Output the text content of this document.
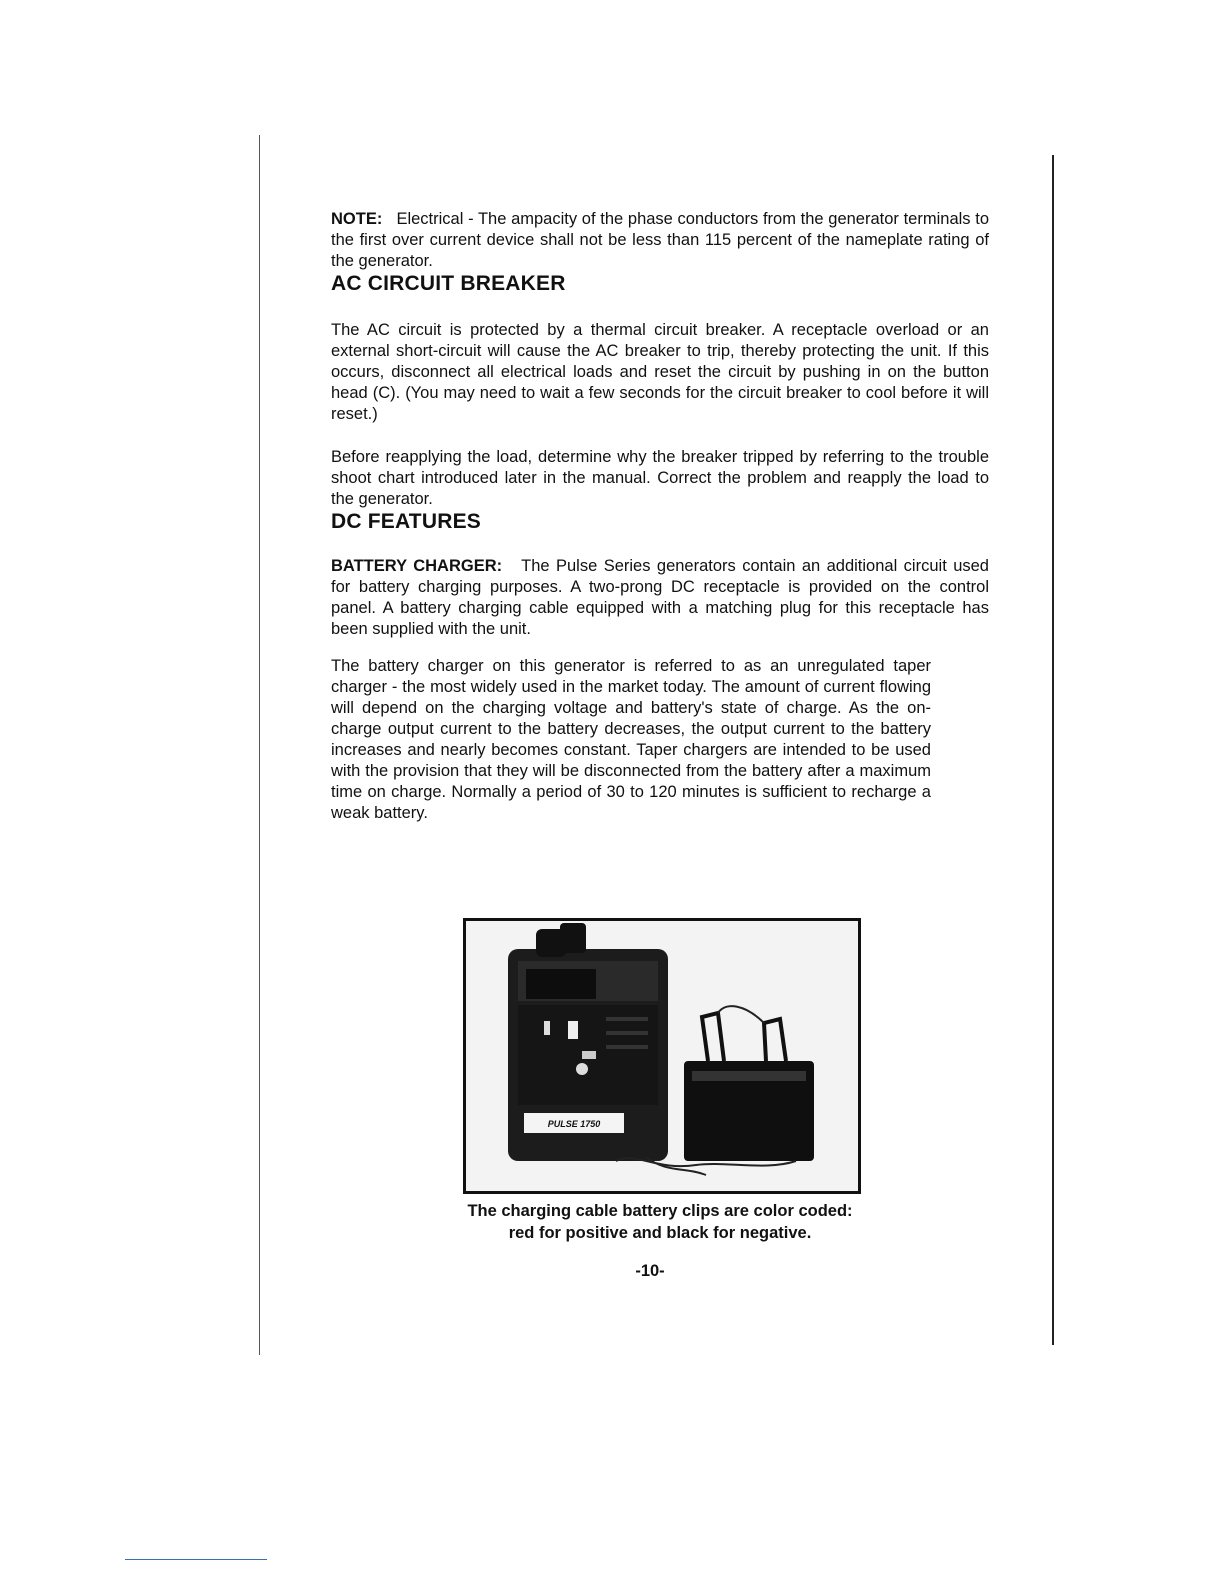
NOTE: Electrical - The ampacity of the phase conductors from the generator terminals to the first over current device shall not be less than 115 percent of the nameplate rating of the generator.

AC CIRCUIT BREAKER

The AC circuit is protected by a thermal circuit breaker. A receptacle overload or an external short-circuit will cause the AC breaker to trip, thereby protecting the unit. If this occurs, disconnect all electrical loads and reset the circuit by pushing in on the button head (C). (You may need to wait a few seconds for the circuit breaker to cool before it will reset.)

Before reapplying the load, determine why the breaker tripped by referring to the trouble shoot chart introduced later in the manual. Correct the problem and reapply the load to the generator.

DC FEATURES

BATTERY CHARGER: The Pulse Series generators contain an additional circuit used for battery charging purposes. A two-prong DC receptacle is provided on the control panel. A battery charging cable equipped with a matching plug for this receptacle has been supplied with the unit.

The battery charger on this generator is referred to as an unregulated taper charger - the most widely used in the market today. The amount of current flowing will depend on the charging voltage and battery's state of charge. As the on-charge output current to the battery decreases, the output current to the battery increases and nearly becomes constant. Taper chargers are intended to be used with the provision that they will be disconnected from the battery after a maximum time on charge. Normally a period of 30 to 120 minutes is sufficient to recharge a weak battery.

PULSE 1750
The charging cable battery clips are color coded:
red for positive and black for negative.
-10-
